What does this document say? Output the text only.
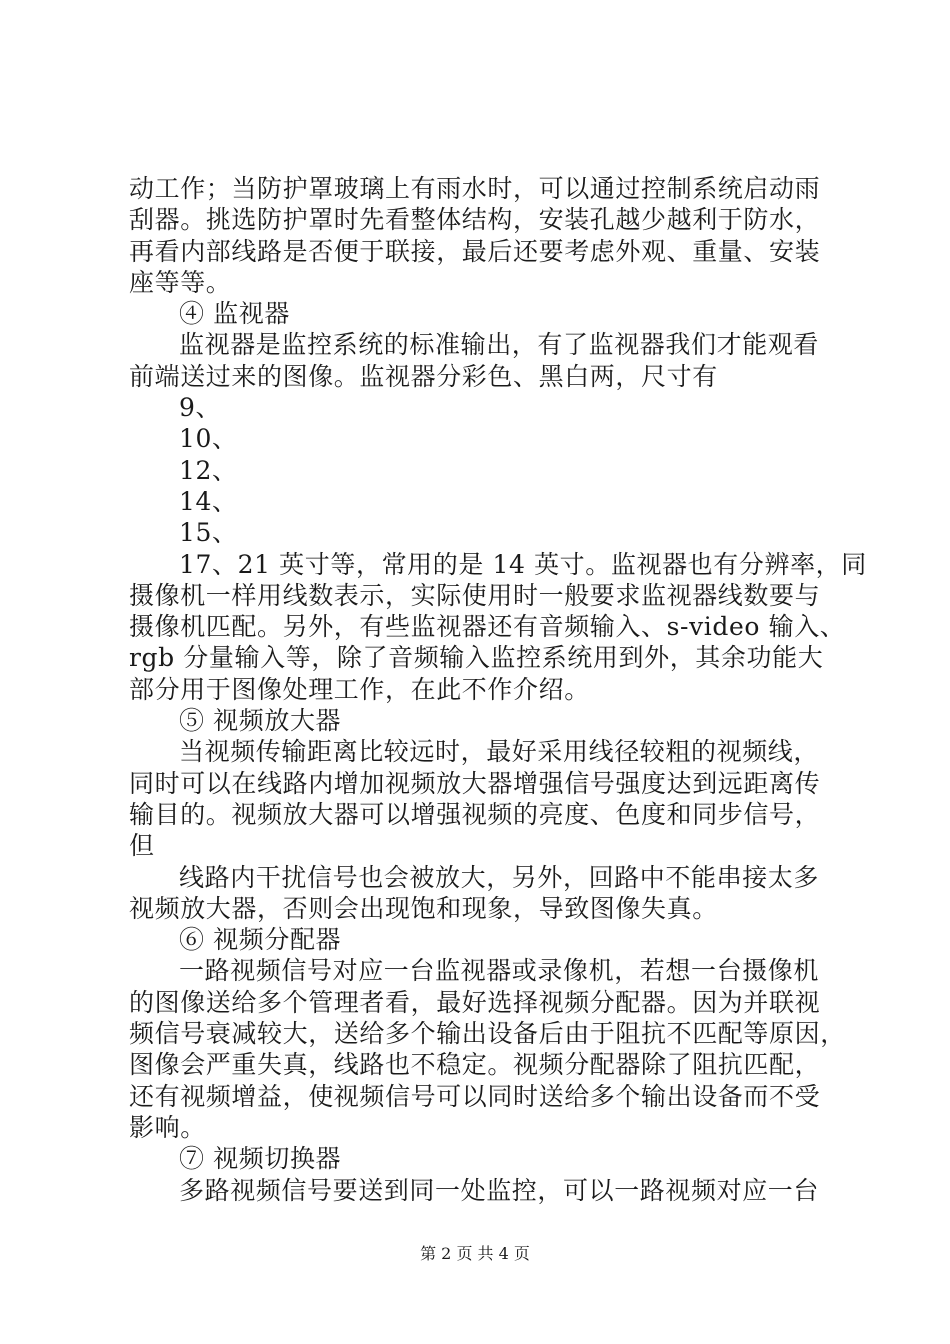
动工作；当防护罩玻璃上有雨水时，可以通过控制系统启动雨
刮器。挑选防护罩时先看整体结构，安装孔越少越利于防水，
再看内部线路是否便于联接，最后还要考虑外观、重量、安装
座等等。
④ 监视器
监视器是监控系统的标准输出，有了监视器我们才能观看
前端送过来的图像。监视器分彩色、黑白两，尺寸有
9、
10、
12、
14、
15、
17、21 英寸等，常用的是 14 英寸。监视器也有分辨率，同
摄像机一样用线数表示，实际使用时一般要求监视器线数要与
摄像机匹配。另外，有些监视器还有音频输入、s-video 输入、
rgb 分量输入等，除了音频输入监控系统用到外，其余功能大
部分用于图像处理工作，在此不作介绍。
⑤ 视频放大器
当视频传输距离比较远时，最好采用线径较粗的视频线，
同时可以在线路内增加视频放大器增强信号强度达到远距离传
输目的。视频放大器可以增强视频的亮度、色度和同步信号，
但
线路内干扰信号也会被放大，另外，回路中不能串接太多
视频放大器，否则会出现饱和现象，导致图像失真。
⑥ 视频分配器
一路视频信号对应一台监视器或录像机，若想一台摄像机
的图像送给多个管理者看，最好选择视频分配器。因为并联视
频信号衰减较大，送给多个输出设备后由于阻抗不匹配等原因，
图像会严重失真，线路也不稳定。视频分配器除了阻抗匹配，
还有视频增益，使视频信号可以同时送给多个输出设备而不受
影响。
⑦ 视频切换器
多路视频信号要送到同一处监控，可以一路视频对应一台
第 2 页 共 4 页
